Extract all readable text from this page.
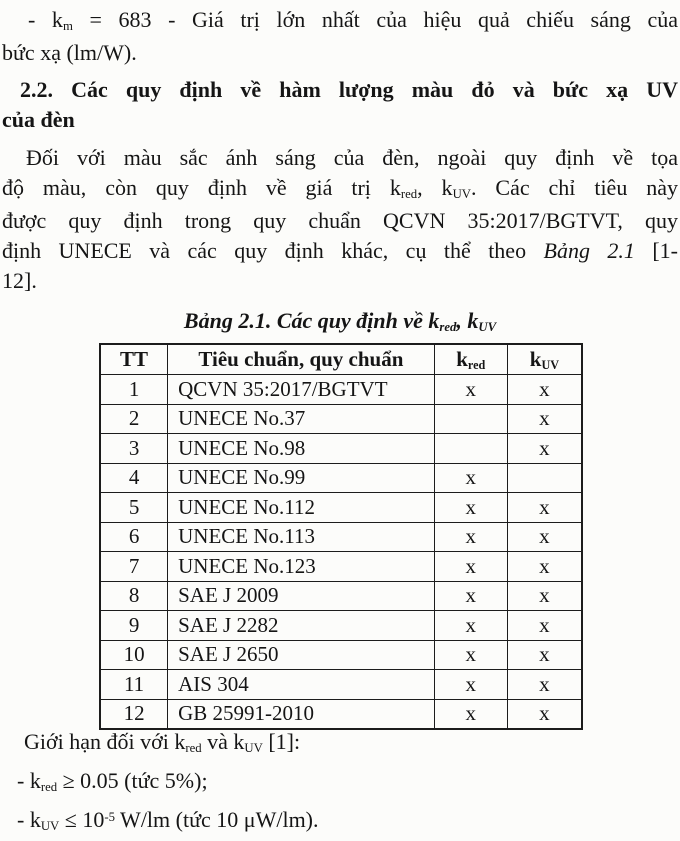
- km = 683 - Giá trị lớn nhất của hiệu quả chiếu sáng của
bức xạ (lm/W).
2.2. Các quy định về hàm lượng màu đỏ và bức xạ UV
của đèn
Đối với màu sắc ánh sáng của đèn, ngoài quy định về tọa
độ màu, còn quy định về giá trị kred, kUV. Các chỉ tiêu này
được quy định trong quy chuẩn QCVN 35:2017/BGTVT, quy
định UNECE và các quy định khác, cụ thể theo Bảng 2.1 [1-
12].
Bảng 2.1. Các quy định về kred, kUV
TT	Tiêu chuẩn, quy chuẩn	kred	kUV
1	QCVN 35:2017/BGTVT	x	x
2	UNECE No.37		x
3	UNECE No.98		x
4	UNECE No.99	x	
5	UNECE No.112	x	x
6	UNECE No.113	x	x
7	UNECE No.123	x	x
8	SAE J 2009	x	x
9	SAE J 2282	x	x
10	SAE J 2650	x	x
11	AIS 304	x	x
12	GB 25991-2010	x	x
Giới hạn đối với kred và kUV [1]:
- kred ≥ 0.05 (tức 5%);
- kUV ≤ $10^{-5}$ W/lm (tức 10 μW/lm).
